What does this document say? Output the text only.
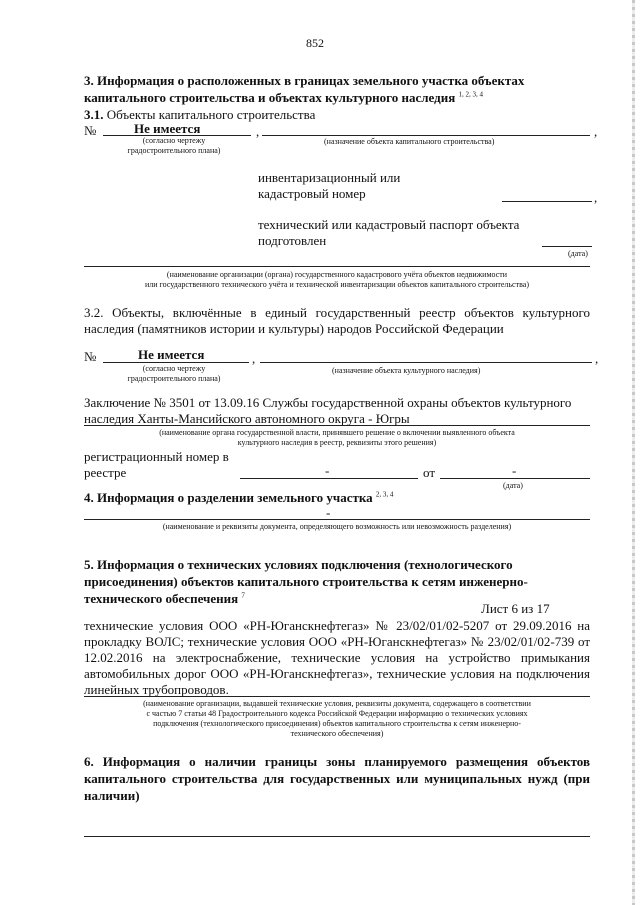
852
3. Информация о расположенных в границах земельного участка объектах
капитального строительства и объектах культурного наследия $^{1, 2, 3, 4}$
3.1. Объекты капитального строительства
№	Не имеется	,	,
(согласно чертежу
градостроительного плана)
(назначение объекта капитального строительства)
инвентаризационный или
кадастровый номер	,
технический или кадастровый паспорт объекта
подготовлен
(дата)
(наименование организации (органа) государственного кадастрового учёта объектов недвижимости
или государственного технического учёта и технической инвентаризации объектов капитального строительства)
3.2. Объекты, включённые в единый государственный реестр объектов культурного
наследия (памятников истории и культуры) народов Российской Федерации
№	Не имеется	,	,
(согласно чертежу
градостроительного плана)
(назначение объекта культурного наследия)
Заключение № 3501 от 13.09.16 Службы государственной охраны объектов культурного
наследия Ханты-Мансийского автономного округа - Югры
(наименование органа государственной власти, принявшего решение о включении выявленного объекта
культурного наследия в реестр, реквизиты этого решения)
регистрационный номер в
реестре	-	от	-
(дата)
4. Информация о разделении земельного участка $^{2, 3, 4}$
-
(наименование и реквизиты документа, определяющего возможность или невозможность разделения)
5. Информация о технических условиях подключения (технологического
присоединения) объектов капитального строительства к сетям инженерно-
технического обеспечения $^7$
Лист 6 из 17
технические условия ООО «РН-Юганскнефтегаз» № 23/02/01/02-5207 от 29.09.2016 на
прокладку ВОЛС; технические условия ООО «РН-Юганскнефтегаз» № 23/02/01/02-739 от
12.02.2016 на электроснабжение, технические условия на устройство примыкания
автомобильных дорог ООО «РН-Юганскнефтегаз», технические условия на подключения
линейных трубопроводов.
(наименование организации, выдавшей технические условия, реквизиты документа, содержащего в соответствии
с частью 7 статьи 48 Градостроительного кодекса Российской Федерации информацию о технических условиях
подключения (технологического присоединения) объектов капитального строительства к сетям инженерно-
технического обеспечения)
6. Информация о наличии границы зоны планируемого размещения объектов
капитального строительства для государственных или муниципальных нужд (при
наличии)
